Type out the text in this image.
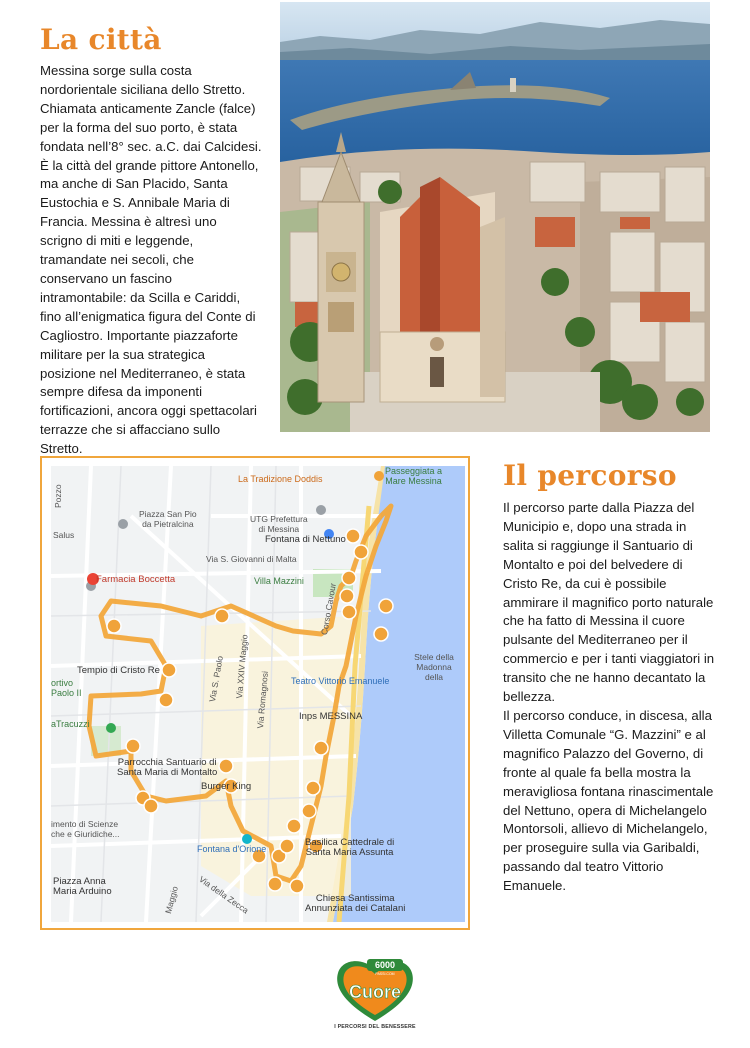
La città

Messina sorge sulla costa nordorientale siciliana dello Stretto. Chiamata anticamente Zancle (falce) per la forma del suo porto, è stata fondata nell’8° sec. a.C. dai Calcidesi. È la città del grande pittore Antonello, ma anche di San Placido, Santa Eustochia e S. Annibale Maria di Francia. Messina è altresì uno scrigno di miti e leggende, tramandate nei secoli, che conservano un fascino intramontabile: da Scilla e Cariddi, fino all’enigmatica figura del Conte di Cagliostro. Importante piazzaforte militare per la sua strategica posizione nel Mediterraneo, è stata sempre difesa da imponenti fortificazioni, ancora oggi spettacolari terrazze che si affacciano sullo Stretto.

La Tradizione Doddis
Passeggiata a
Mare Messina
Pozzo
Salus
Piazza San Pio
da Pietralcina	UTG Prefettura
di Messina
Fontana di Nettuno
Via S. Giovanni di Malta
Farmacia Boccetta	Villa Mazzini
Corso Cavour
Via S. Paolo Via XXIV Maggio
Tempio di Cristo Re
ortivo
Paolo II
Teatro Vittorio Emanuele
Stele della Madonna
della
Via Romagnosi	Inps MESSINA
aTracuzzi
Parrocchia Santuario di
Santa Maria di Montalto
Burger King
imento di Scienze
che e Giuridiche...
Fontana d'Orione
Basilica Cattedrale di
Santa Maria Assunta
Piazza Anna
Maria Arduino	Via della Zecca
Maggio	Chiesa Santissima
Annunziata dei Catalani
Il percorso

Il percorso parte dalla Piazza del Municipio e, dopo una strada in salita si raggiunge il Santuario di Montalto e poi del belvedere di Cristo Re, da cui è possibile ammirare il magnifico porto naturale che ha fatto di Messina il cuore pulsante del Mediterraneo per il commercio e per i tanti viaggiatori in transito che ne hanno decantato la bellezza.

Il percorso conduce, in discesa, alla Villetta Comunale “G. Mazzini” e al magnifico Palazzo del Governo, di fronte al quale fa bella mostra la meravigliosa fontana rinascimentale del Nettuno, opera di Michelangelo Montorsoli, allievo di Michelangelo, per proseguire sulla via Garibaldi, passando dal teatro Vittorio Emanuele.

6000
PASSI.COM
Cuore
I PERCORSI DEL BENESSERE
